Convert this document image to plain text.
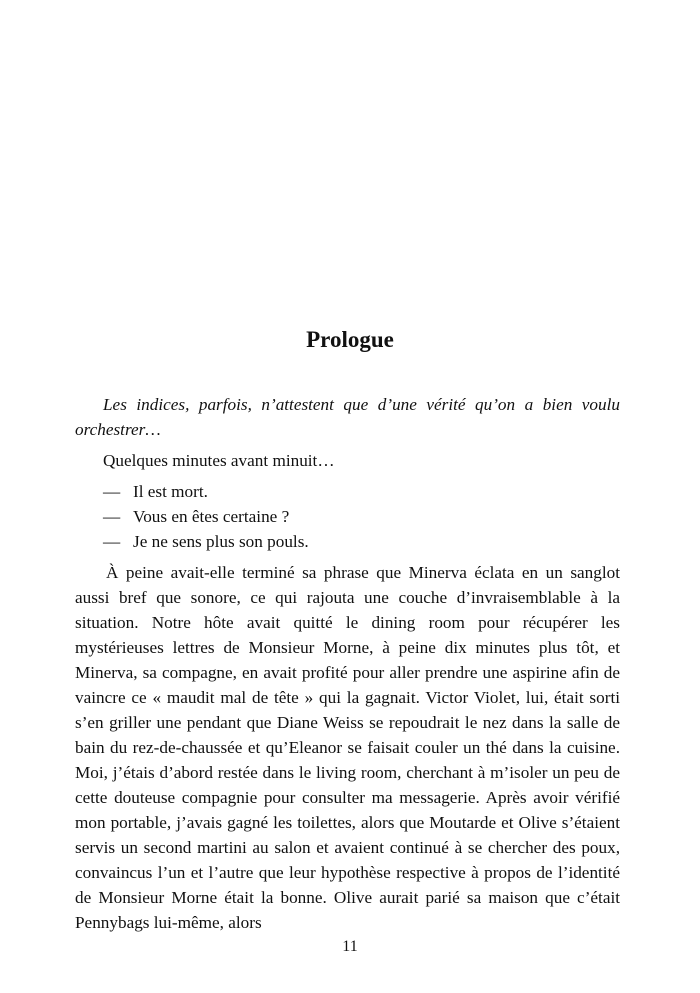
Prologue

Les indices, parfois, n’attestent que d’une vérité qu’on a bien voulu orchestrer…

Quelques minutes avant minuit…

— Il est mort.

— Vous en êtes certaine ?

— Je ne sens plus son pouls.

À peine avait-elle terminé sa phrase que Minerva éclata en un sanglot aussi bref que sonore, ce qui rajouta une couche d’invraisemblable à la situation. Notre hôte avait quitté le dining room pour récupérer les mystérieuses lettres de Monsieur Morne, à peine dix minutes plus tôt, et Minerva, sa compagne, en avait profité pour aller prendre une aspirine afin de vaincre ce « maudit mal de tête » qui la gagnait. Victor Violet, lui, était sorti s’en griller une pendant que Diane Weiss se repoudrait le nez dans la salle de bain du rez-de-chaussée et qu’Eleanor se faisait couler un thé dans la cuisine. Moi, j’étais d’abord restée dans le living room, cherchant à m’isoler un peu de cette douteuse compagnie pour consulter ma messagerie. Après avoir vérifié mon portable, j’avais gagné les toilettes, alors que Moutarde et Olive s’étaient servis un second martini au salon et avaient continué à se chercher des poux, convaincus l’un et l’autre que leur hypothèse respective à propos de l’identité de Monsieur Morne était la bonne. Olive aurait parié sa maison que c’était Pennybags lui-même, alors

11
